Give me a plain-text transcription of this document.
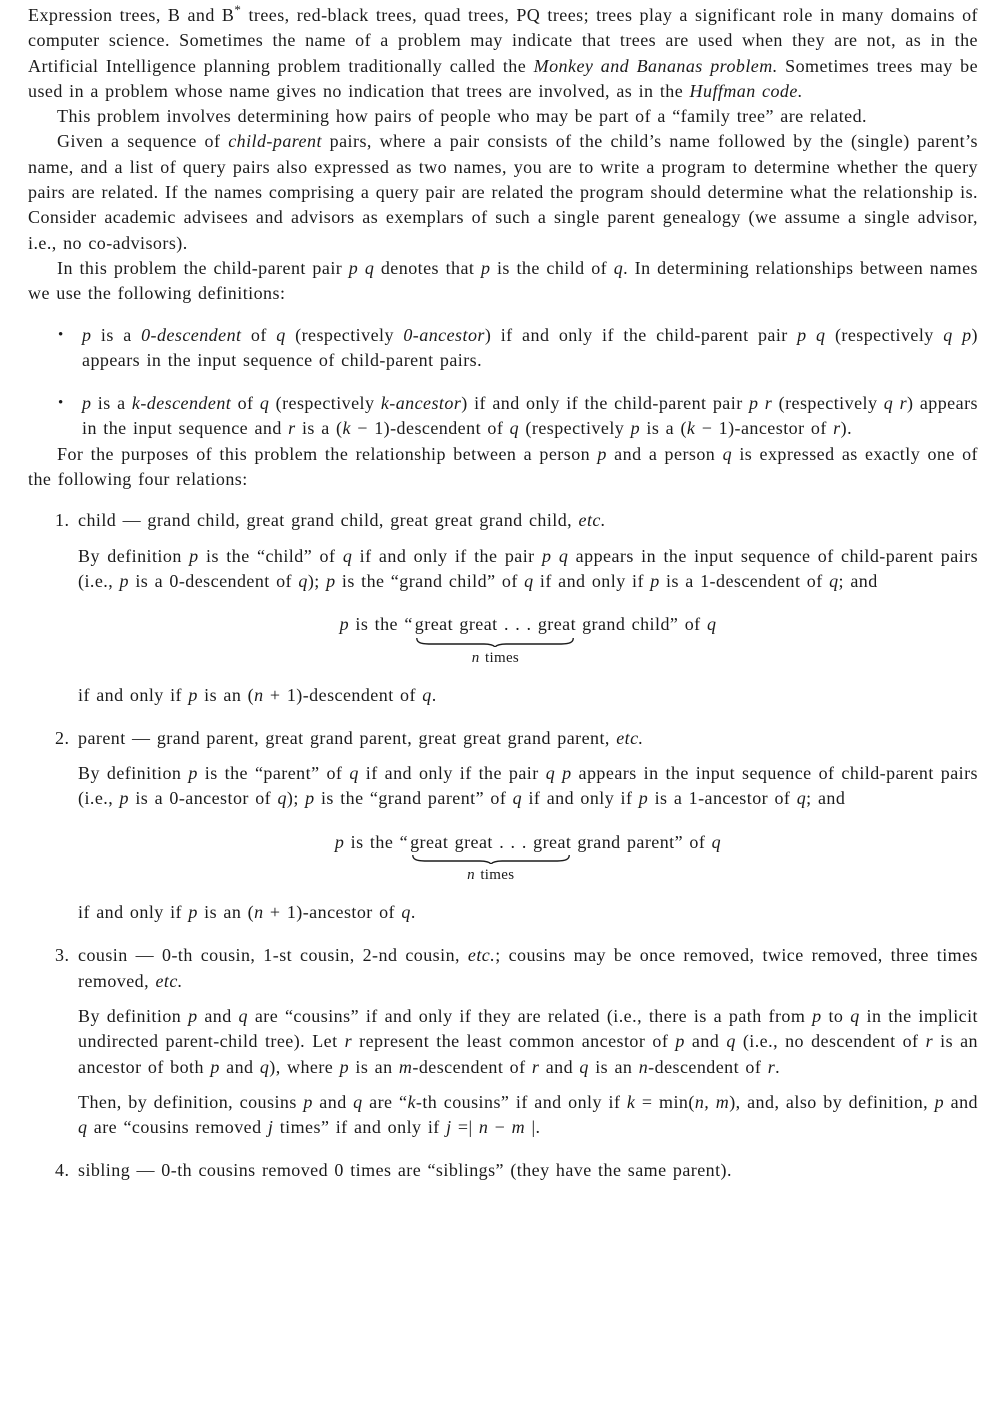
Expression trees, B and B* trees, red-black trees, quad trees, PQ trees; trees play a significant role in many domains of computer science. Sometimes the name of a problem may indicate that trees are used when they are not, as in the Artificial Intelligence planning problem traditionally called the Monkey and Bananas problem. Sometimes trees may be used in a problem whose name gives no indication that trees are involved, as in the Huffman code.

This problem involves determining how pairs of people who may be part of a “family tree” are related.

Given a sequence of child-parent pairs, where a pair consists of the child’s name followed by the (single) parent’s name, and a list of query pairs also expressed as two names, you are to write a program to determine whether the query pairs are related. If the names comprising a query pair are related the program should determine what the relationship is. Consider academic advisees and advisors as exemplars of such a single parent genealogy (we assume a single advisor, i.e., no co-advisors).

In this problem the child-parent pair p q denotes that p is the child of q. In determining relationships between names we use the following definitions:

• p is a 0-descendent of q (respectively 0-ancestor) if and only if the child-parent pair p q (respectively q p) appears in the input sequence of child-parent pairs.
• p is a k-descendent of q (respectively k-ancestor) if and only if the child-parent pair p r (respectively q r) appears in the input sequence and r is a (k − 1)-descendent of q (respectively p is a (k − 1)-ancestor of r).

For the purposes of this problem the relationship between a person p and a person q is expressed as exactly one of the following four relations:

1. child — grand child, great grand child, great great grand child, etc.

By definition p is the “child” of q if and only if the pair p q appears in the input sequence of child-parent pairs (i.e., p is a 0-descendent of q); p is the “grand child” of q if and only if p is a 1-descendent of q; and

p is the “ great great . . . great
n times
grand child” of q

if and only if p is an (n + 1)-descendent of q.

2. parent — grand parent, great grand parent, great great grand parent, etc.

By definition p is the “parent” of q if and only if the pair q p appears in the input sequence of child-parent pairs (i.e., p is a 0-ancestor of q); p is the “grand parent” of q if and only if p is a 1-ancestor of q; and

p is the “ great great . . . great
n times
grand parent” of q

if and only if p is an (n + 1)-ancestor of q.

3. cousin — 0-th cousin, 1-st cousin, 2-nd cousin, etc.; cousins may be once removed, twice removed, three times removed, etc.

By definition p and q are “cousins” if and only if they are related (i.e., there is a path from p to q in the implicit undirected parent-child tree). Let r represent the least common ancestor of p and q (i.e., no descendent of r is an ancestor of both p and q), where p is an m-descendent of r and q is an n-descendent of r.

Then, by definition, cousins p and q are “k-th cousins” if and only if k = min(n, m), and, also by definition, p and q are “cousins removed j times” if and only if j =| n − m |.

4. sibling — 0-th cousins removed 0 times are “siblings” (they have the same parent).
